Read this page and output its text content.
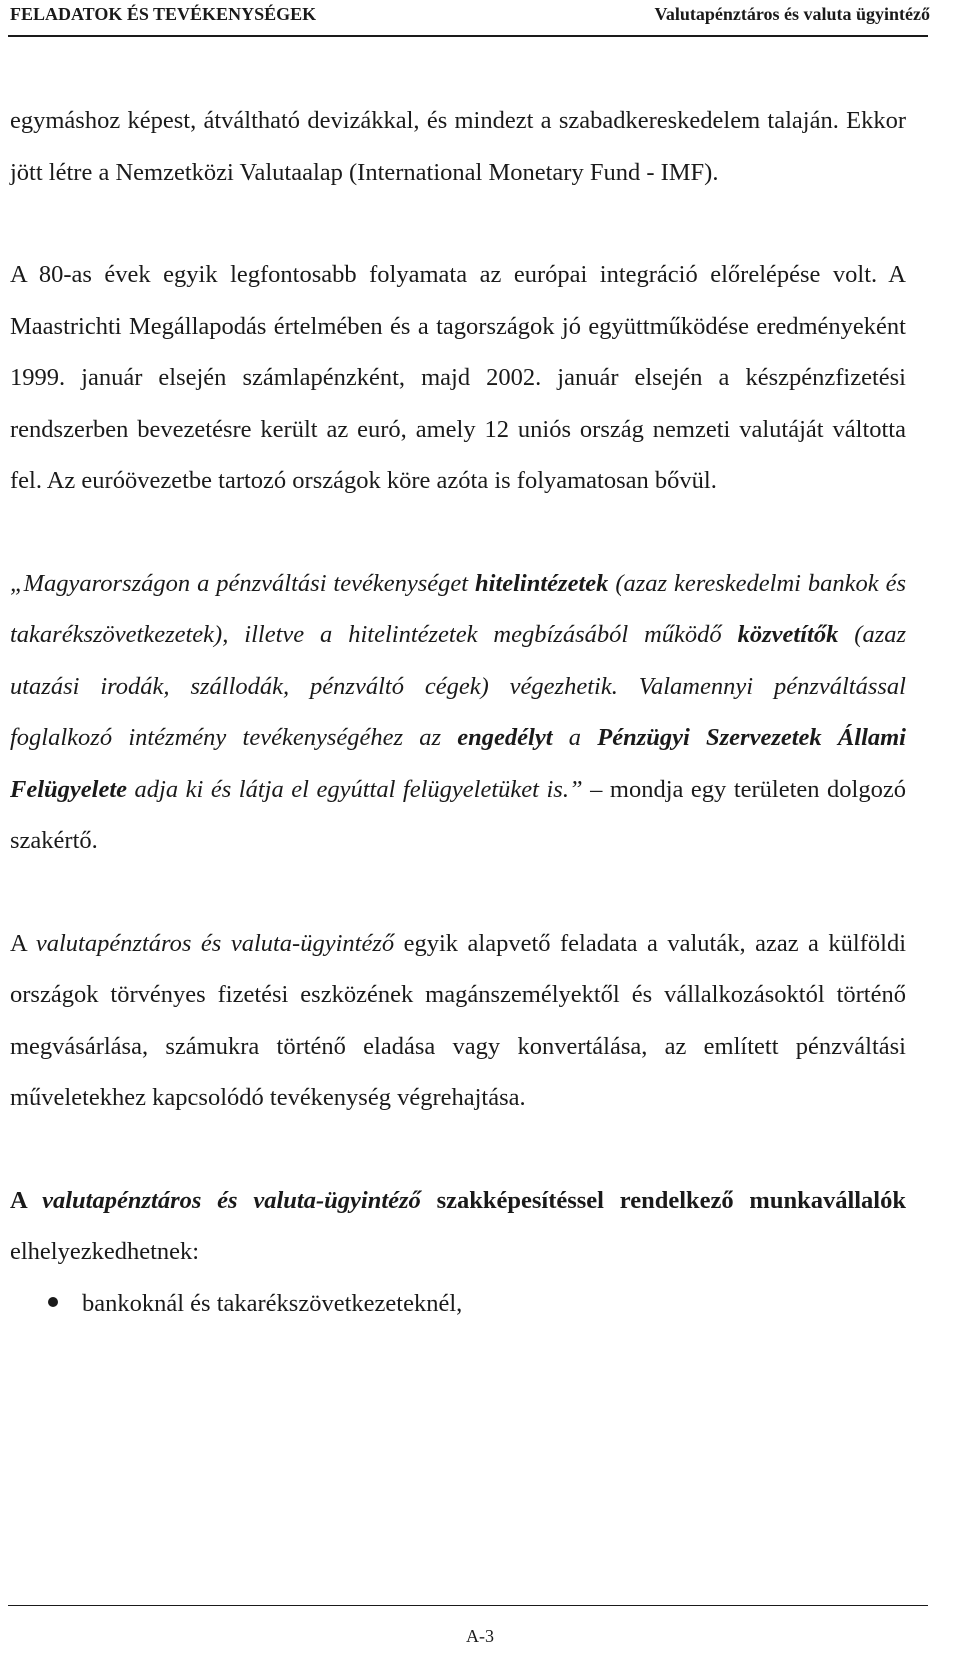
FELADATOK ÉS TEVÉKENYSÉGEK	Valutapénztáros és valuta ügyintéző

egymáshoz képest, átváltható devizákkal, és mindezt a szabadkereskedelem talaján. Ekkor jött létre a Nemzetközi Valutaalap (International Monetary Fund - IMF).

A 80-as évek egyik legfontosabb folyamata az európai integráció előrelépése volt. A Maastrichti Megállapodás értelmében és a tagországok jó együttműködése eredményeként 1999. január elsején számlapénzként, majd 2002. január elsején a készpénzfizetési rendszerben bevezetésre került az euró, amely 12 uniós ország nemzeti valutáját váltotta fel. Az euróövezetbe tartozó országok köre azóta is folyamatosan bővül.

„Magyarországon a pénzváltási tevékenységet hitelintézetek (azaz kereskedelmi bankok és takarékszövetkezetek), illetve a hitelintézetek megbízásából működő közvetítők (azaz utazási irodák, szállodák, pénzváltó cégek) végezhetik. Valamennyi pénzváltással foglalkozó intézmény tevékenységéhez az engedélyt a Pénzügyi Szervezetek Állami Felügyelete adja ki és látja el egyúttal felügyeletüket is.” – mondja egy területen dolgozó szakértő.

A valutapénztáros és valuta-ügyintéző egyik alapvető feladata a valuták, azaz a külföldi országok törvényes fizetési eszközének magánszemélyektől és vállalkozásoktól történő megvásárlása, számukra történő eladása vagy konvertálása, az említett pénzváltási műveletekhez kapcsolódó tevékenység végrehajtása.

A valutapénztáros és valuta-ügyintéző szakképesítéssel rendelkező munkavállalók elhelyezkedhetnek:

bankoknál és takarékszövetkezeteknél,
A-3
